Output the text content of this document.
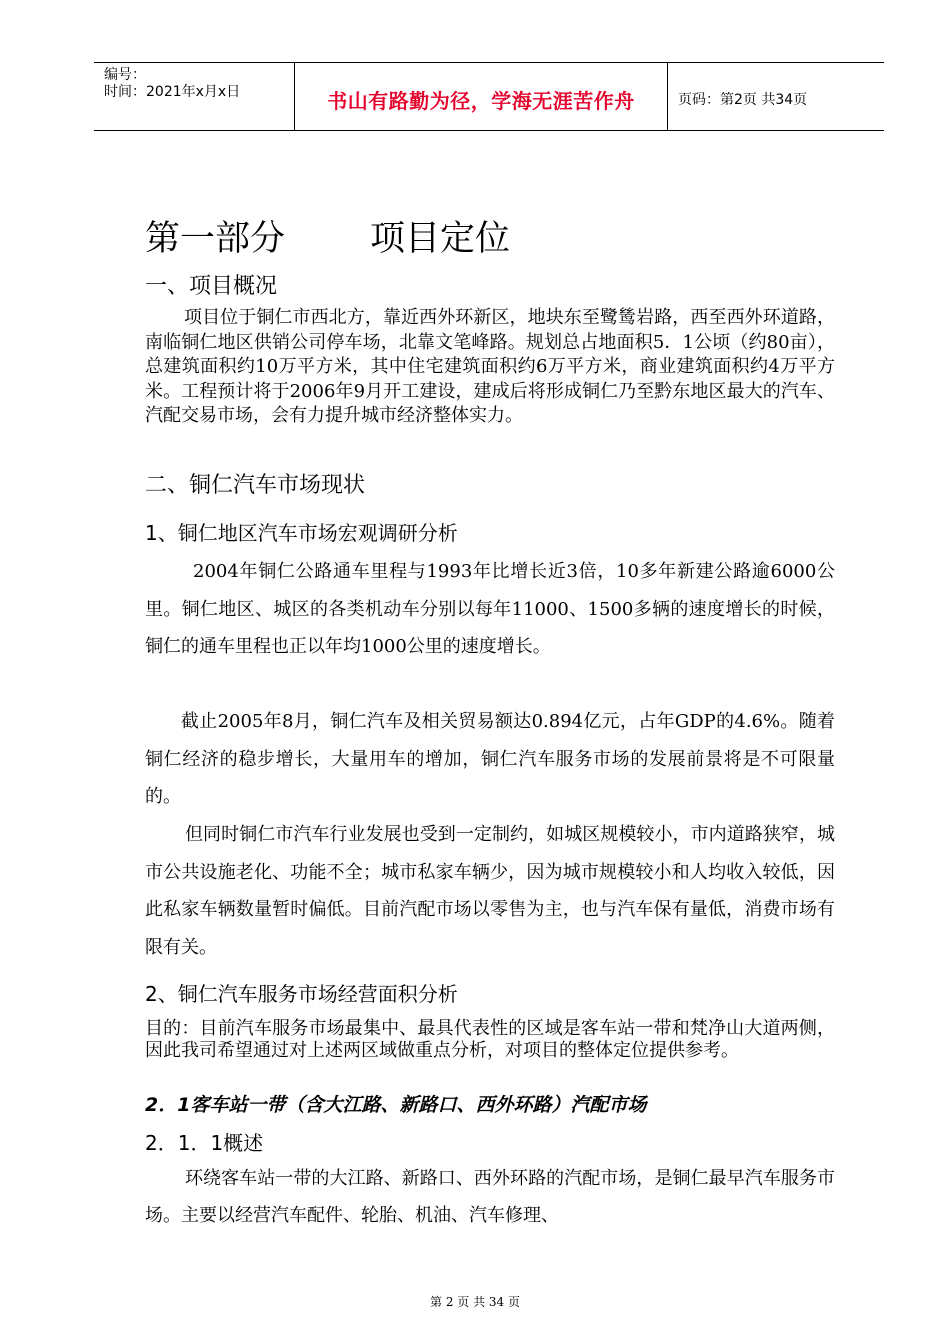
编号：
时间：2021年x月x日	书山有路勤为径，学海无涯苦作舟	页码：第2页 共34页
第一部分 项目定位
一、项目概况

项目位于铜仁市西北方，靠近西外环新区，地块东至鹭鸶岩路，西至西外环道路，南临铜仁地区供销公司停车场，北靠文笔峰路。规划总占地面积5．1公顷（约80亩），总建筑面积约10万平方米，其中住宅建筑面积约6万平方米，商业建筑面积约4万平方米。工程预计将于2006年9月开工建设，建成后将形成铜仁乃至黔东地区最大的汽车、汽配交易市场，会有力提升城市经济整体实力。

二、铜仁汽车市场现状
1、铜仁地区汽车市场宏观调研分析

2004年铜仁公路通车里程与1993年比增长近3倍，10多年新建公路逾6000公里。铜仁地区、城区的各类机动车分别以每年11000、1500多辆的速度增长的时候，铜仁的通车里程也正以年均1000公里的速度增长。

截止2005年8月，铜仁汽车及相关贸易额达0.894亿元，占年GDP的4.6%。随着铜仁经济的稳步增长，大量用车的增加，铜仁汽车服务市场的发展前景将是不可限量的。

但同时铜仁市汽车行业发展也受到一定制约，如城区规模较小，市内道路狭窄，城市公共设施老化、功能不全；城市私家车辆少，因为城市规模较小和人均收入较低，因此私家车辆数量暂时偏低。目前汽配市场以零售为主，也与汽车保有量低，消费市场有限有关。

2、铜仁汽车服务市场经营面积分析

目的：目前汽车服务市场最集中、最具代表性的区域是客车站一带和梵净山大道两侧，因此我司希望通过对上述两区域做重点分析，对项目的整体定位提供参考。

2．1客车站一带（含大江路、新路口、西外环路）汽配市场
2．1．1概述

环绕客车站一带的大江路、新路口、西外环路的汽配市场，是铜仁最早汽车服务市场。主要以经营汽车配件、轮胎、机油、汽车修理、

第 2 页 共 34 页
